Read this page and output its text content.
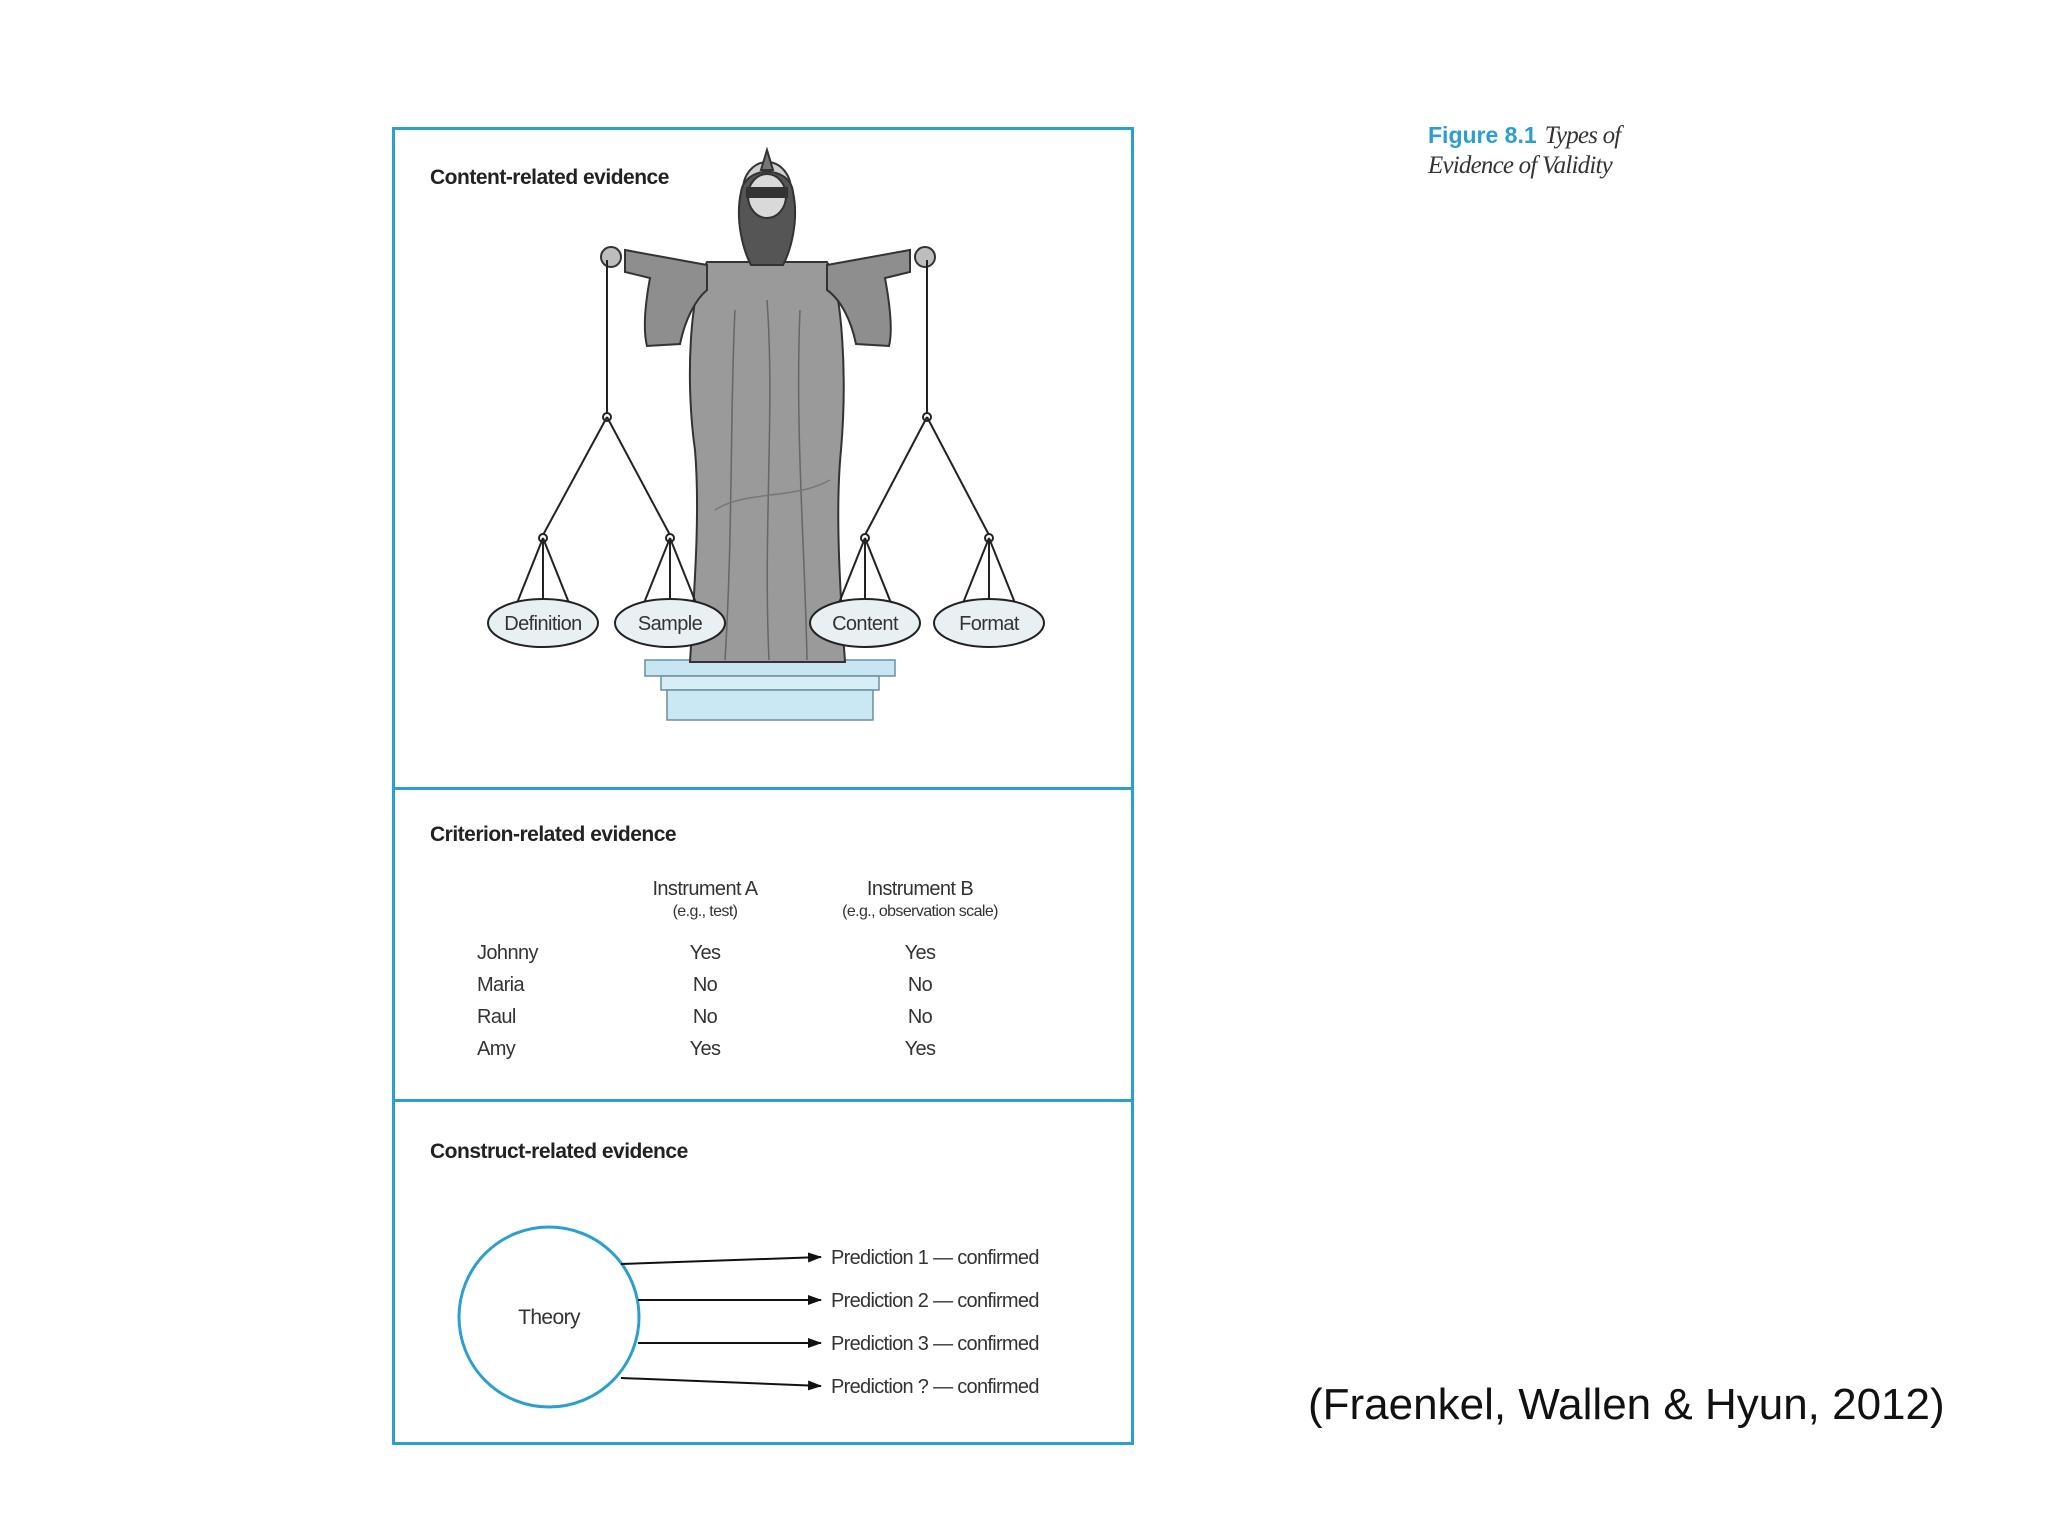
Content-related evidence
Definition	Sample	Content	Format
Criterion-related evidence
Instrument A
(e.g., test)
Instrument B
(e.g., observation scale)
Johnny	Yes	Yes
Maria	No	No
Raul	No	No
Amy	Yes	Yes
Construct-related evidence
Theory
Prediction 1 — confirmed
Prediction 2 — confirmed
Prediction 3 — confirmed
Prediction ? — confirmed
Figure 8.1 Types of
Evidence of Validity
(Fraenkel, Wallen & Hyun, 2012)
